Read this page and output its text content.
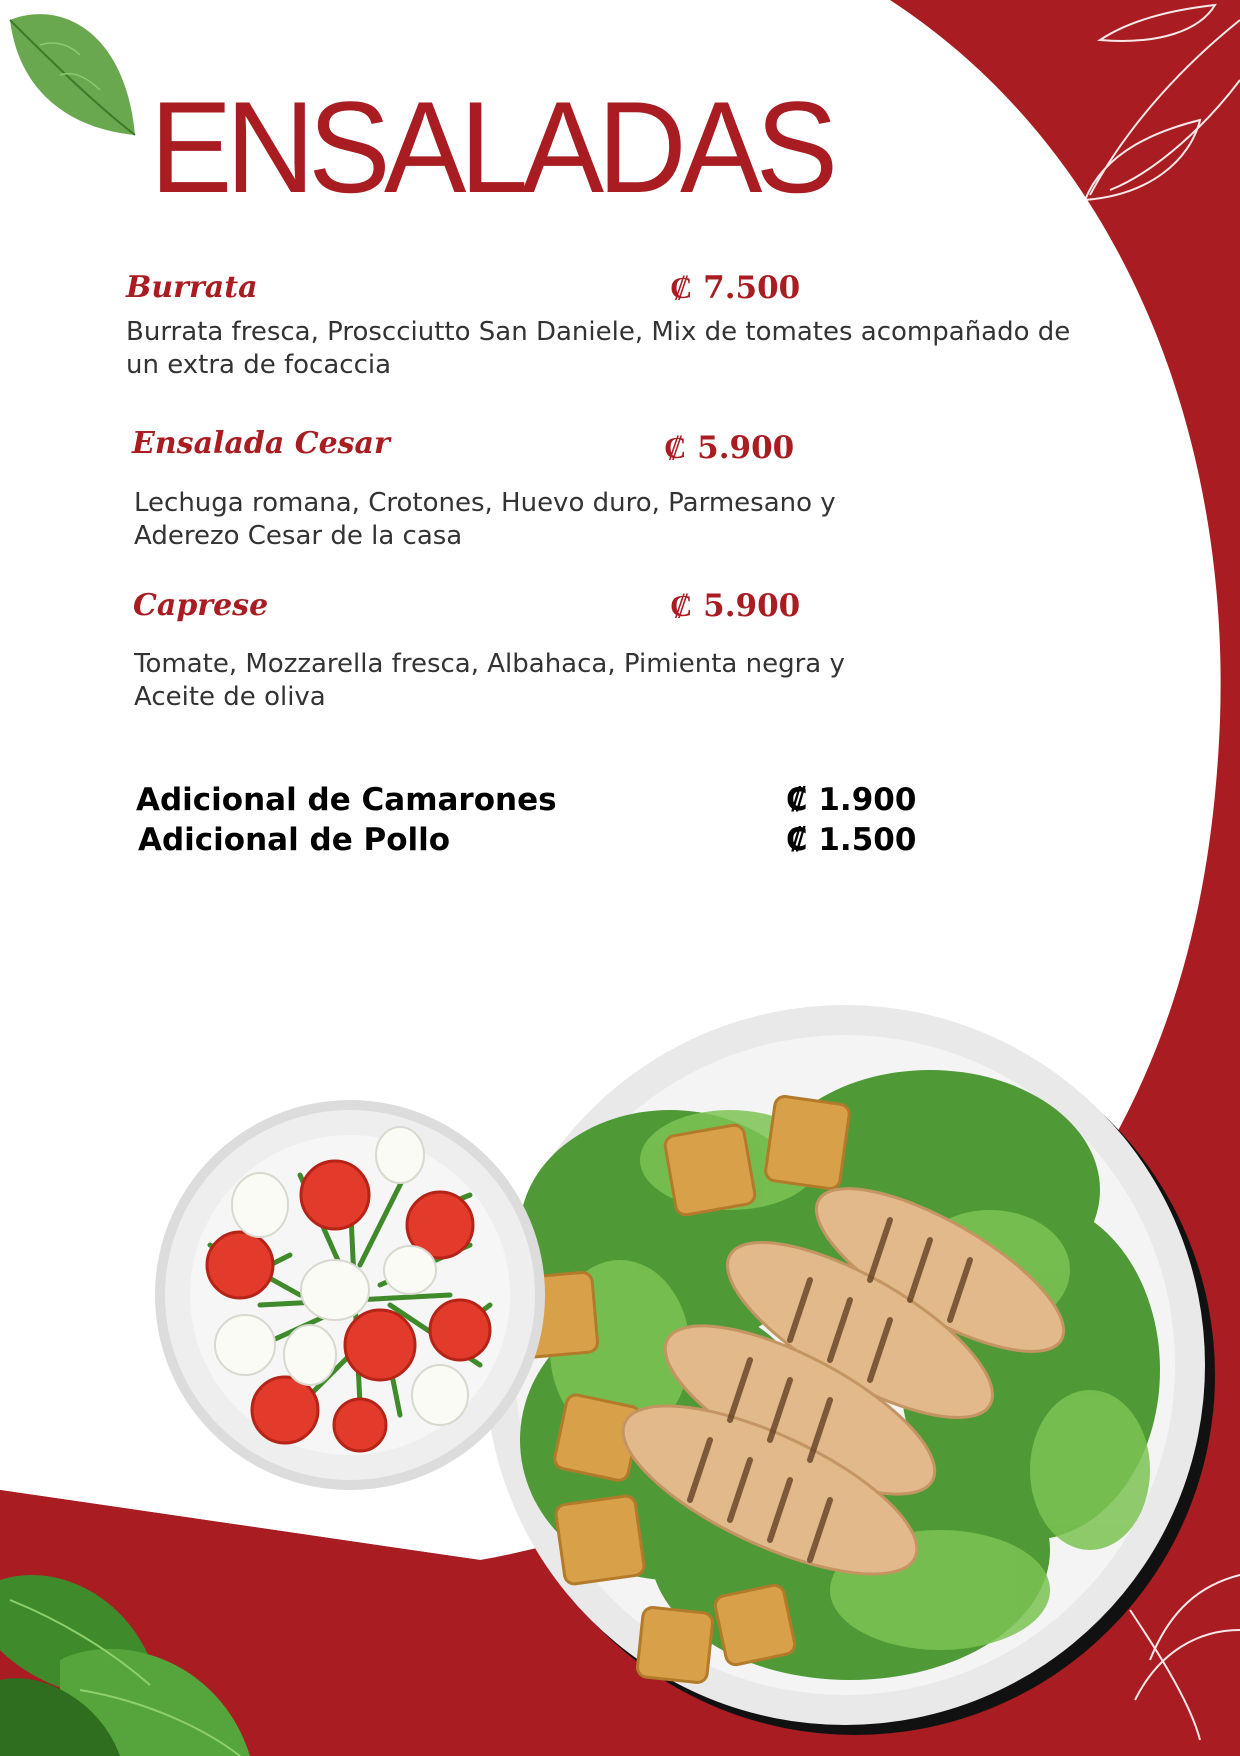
ENSALADAS

Burrata	₡ 7.500

Burrata fresca, Proscciutto San Daniele, Mix de tomates acompañado de un extra de focaccia

Ensalada Cesar	₡ 5.900

Lechuga romana, Crotones, Huevo duro, Parmesano y Aderezo Cesar de la casa

Caprese	₡ 5.900

Tomate, Mozzarella fresca, Albahaca, Pimienta negra y Aceite de oliva

Adicional de Camarones	₡ 1.900

Adicional de Pollo	₡ 1.500
